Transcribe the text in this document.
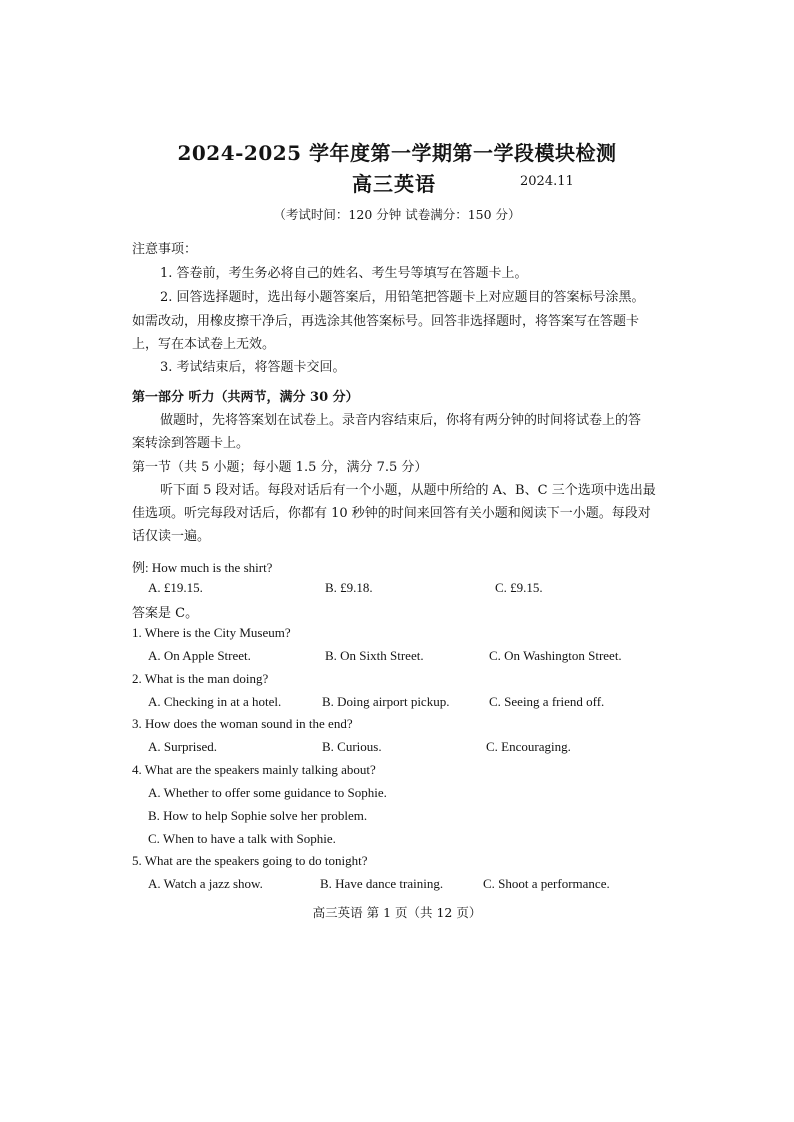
2024-2025 学年度第一学期第一学段模块检测
高三英语	2024.11
（考试时间：120 分钟 试卷满分：150 分）
注意事项：
1. 答卷前，考生务必将自己的姓名、考生号等填写在答题卡上。
2. 回答选择题时，选出每小题答案后，用铅笔把答题卡上对应题目的答案标号涂黑。
如需改动，用橡皮擦干净后，再选涂其他答案标号。回答非选择题时，将答案写在答题卡
上，写在本试卷上无效。
3. 考试结束后，将答题卡交回。
第一部分 听力（共两节，满分 30 分）
做题时，先将答案划在试卷上。录音内容结束后，你将有两分钟的时间将试卷上的答
案转涂到答题卡上。
第一节（共 5 小题；每小题 1.5 分，满分 7.5 分）
听下面 5 段对话。每段对话后有一个小题，从题中所给的 A、B、C 三个选项中选出最
佳选项。听完每段对话后，你都有 10 秒钟的时间来回答有关小题和阅读下一小题。每段对
话仅读一遍。
例: How much is the shirt?
A. £19.15.	B. £9.18.	C. £9.15.
答案是 C。
1. Where is the City Museum?
A. On Apple Street.	B. On Sixth Street.	C. On Washington Street.
2. What is the man doing?
A. Checking in at a hotel.	B. Doing airport pickup.	C. Seeing a friend off.
3. How does the woman sound in the end?
A. Surprised.	B. Curious.	C. Encouraging.
4. What are the speakers mainly talking about?
A. Whether to offer some guidance to Sophie.
B. How to help Sophie solve her problem.
C. When to have a talk with Sophie.
5. What are the speakers going to do tonight?
A. Watch a jazz show.	B. Have dance training.	C. Shoot a performance.
高三英语 第 1 页（共 12 页）
